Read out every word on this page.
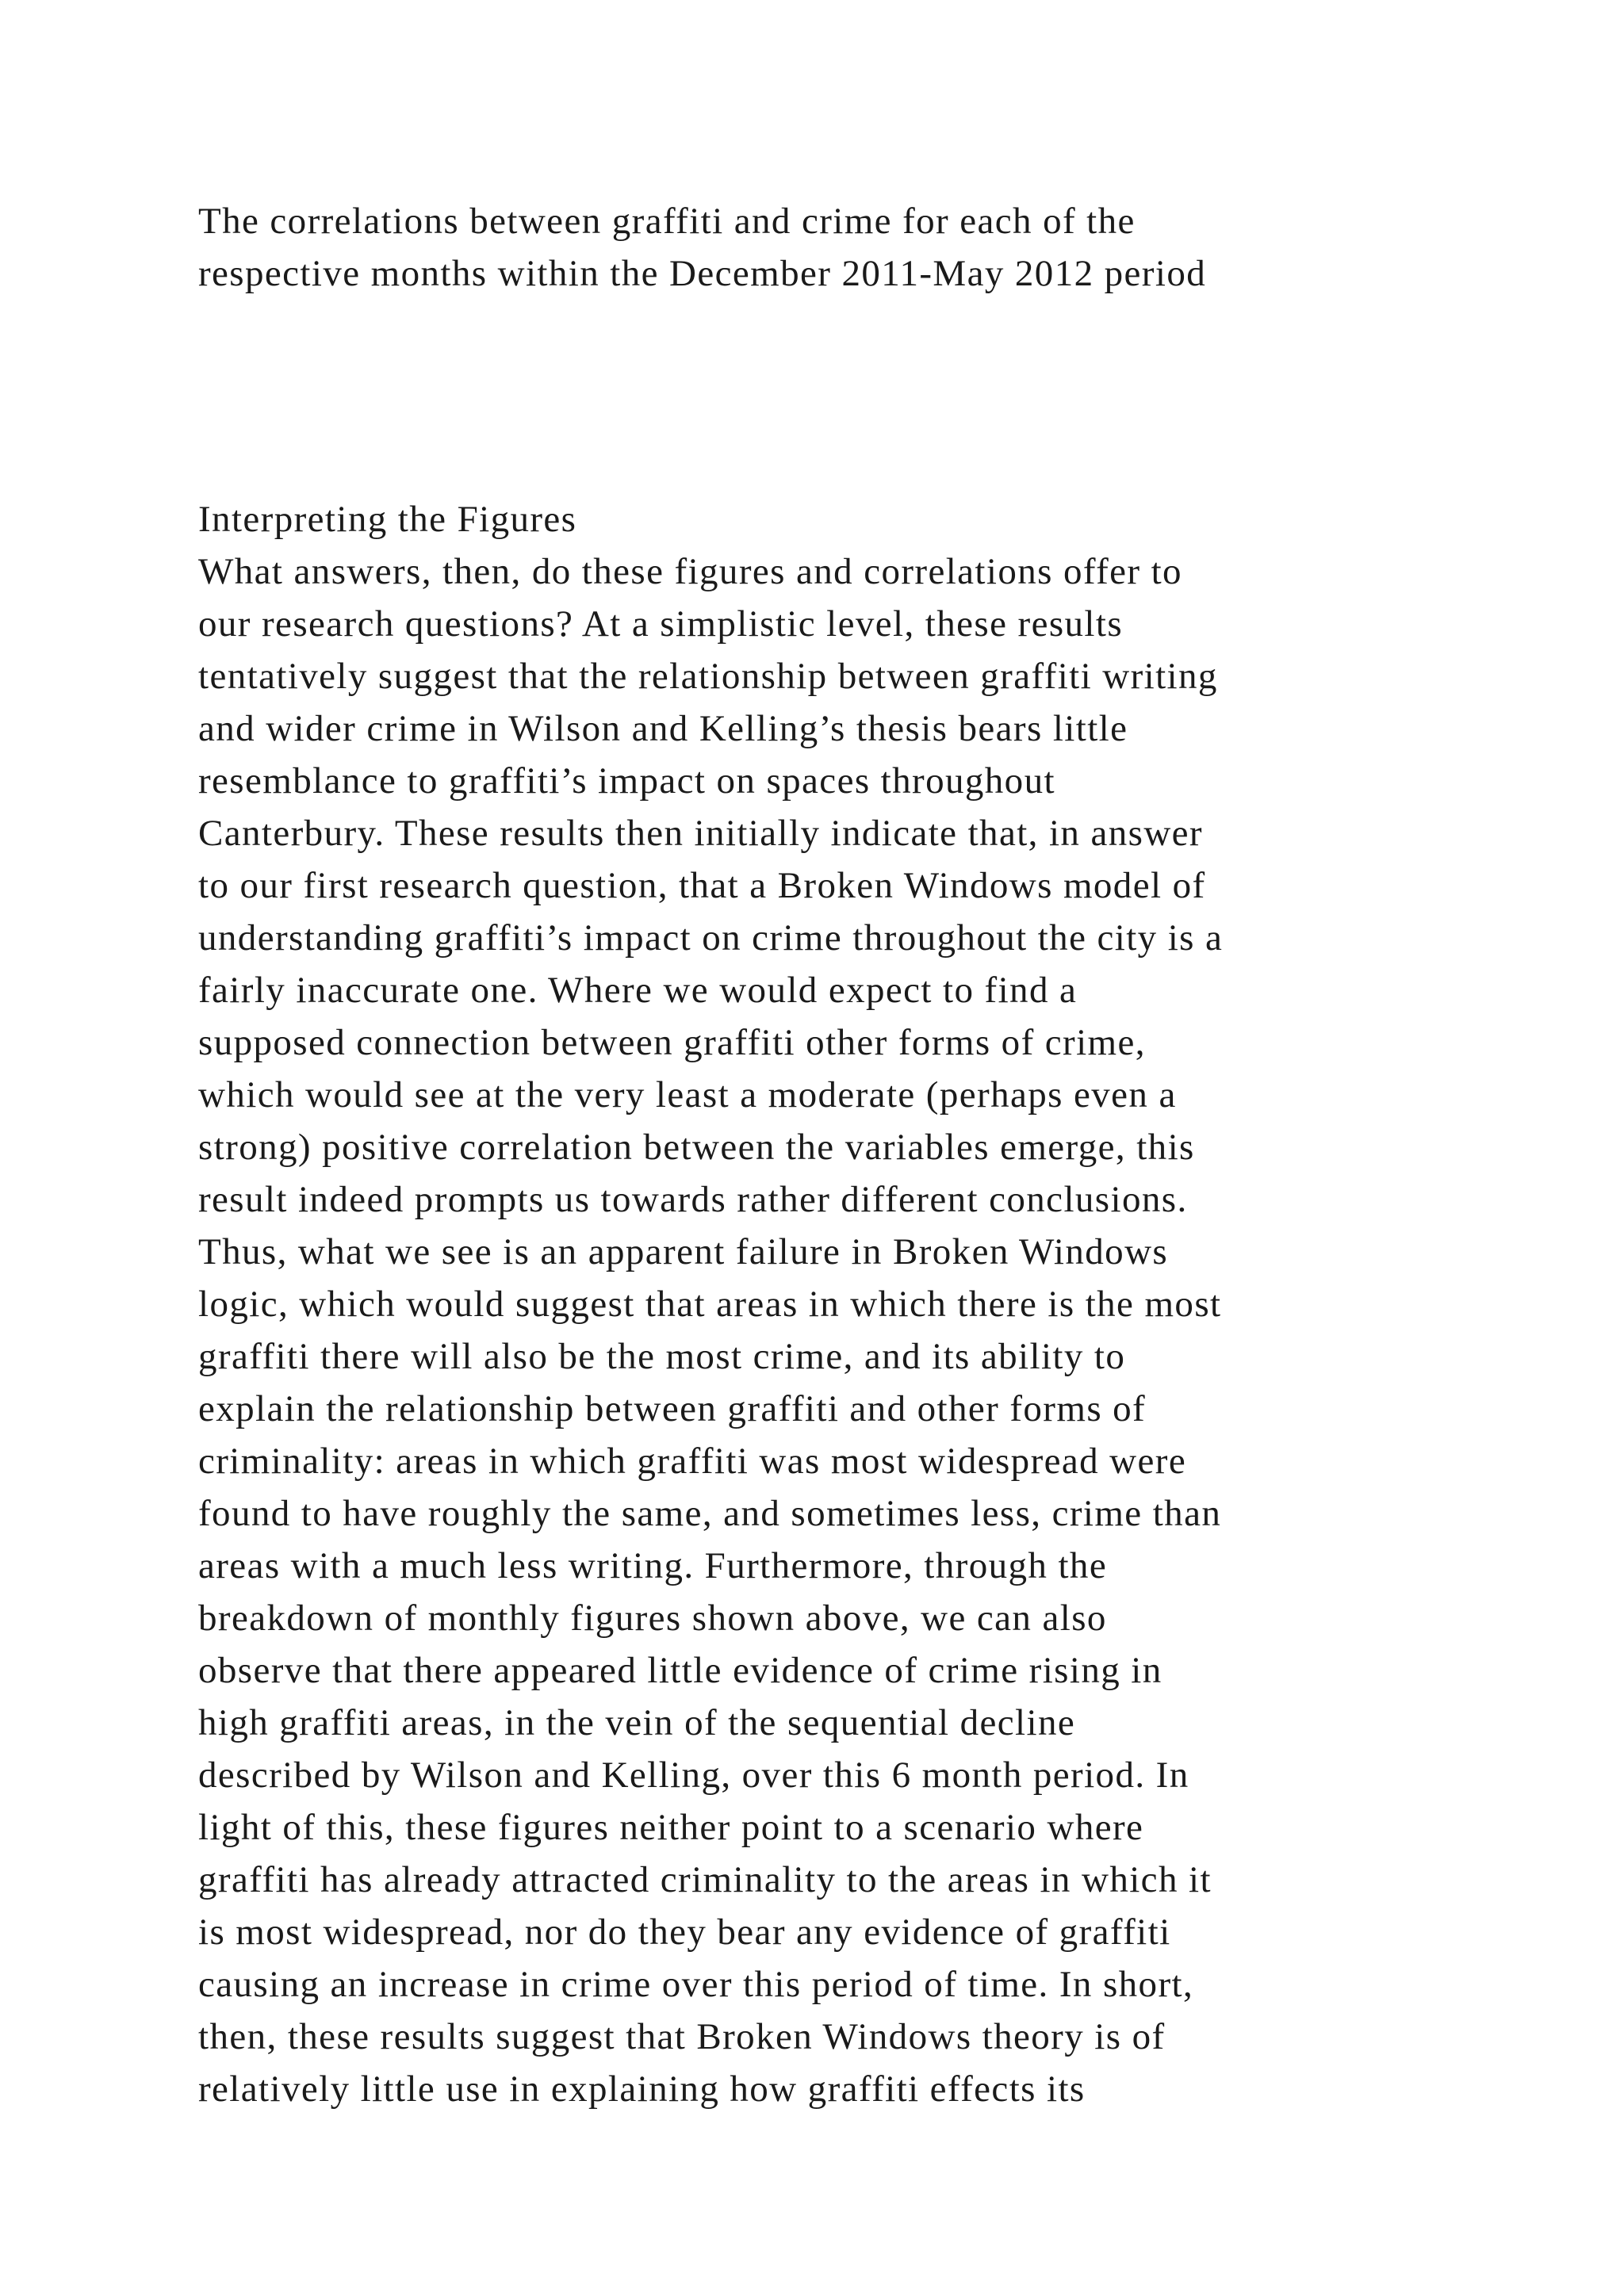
The correlations between graffiti and crime for each of the
respective months within the December 2011-May 2012 period
Interpreting the Figures
What answers, then, do these figures and correlations offer to
our research questions? At a simplistic level, these results
tentatively suggest that the relationship between graffiti writing
and wider crime in Wilson and Kelling’s thesis bears little
resemblance to graffiti’s impact on spaces throughout
Canterbury. These results then initially indicate that, in answer
to our first research question, that a Broken Windows model of
understanding graffiti’s impact on crime throughout the city is a
fairly inaccurate one. Where we would expect to find a
supposed connection between graffiti other forms of crime,
which would see at the very least a moderate (perhaps even a
strong) positive correlation between the variables emerge, this
result indeed prompts us towards rather different conclusions.
Thus, what we see is an apparent failure in Broken Windows
logic, which would suggest that areas in which there is the most
graffiti there will also be the most crime, and its ability to
explain the relationship between graffiti and other forms of
criminality: areas in which graffiti was most widespread were
found to have roughly the same, and sometimes less, crime than
areas with a much less writing. Furthermore, through the
breakdown of monthly figures shown above, we can also
observe that there appeared little evidence of crime rising in
high graffiti areas, in the vein of the sequential decline
described by Wilson and Kelling, over this 6 month period. In
light of this, these figures neither point to a scenario where
graffiti has already attracted criminality to the areas in which it
is most widespread, nor do they bear any evidence of graffiti
causing an increase in crime over this period of time. In short,
then, these results suggest that Broken Windows theory is of
relatively little use in explaining how graffiti effects its
